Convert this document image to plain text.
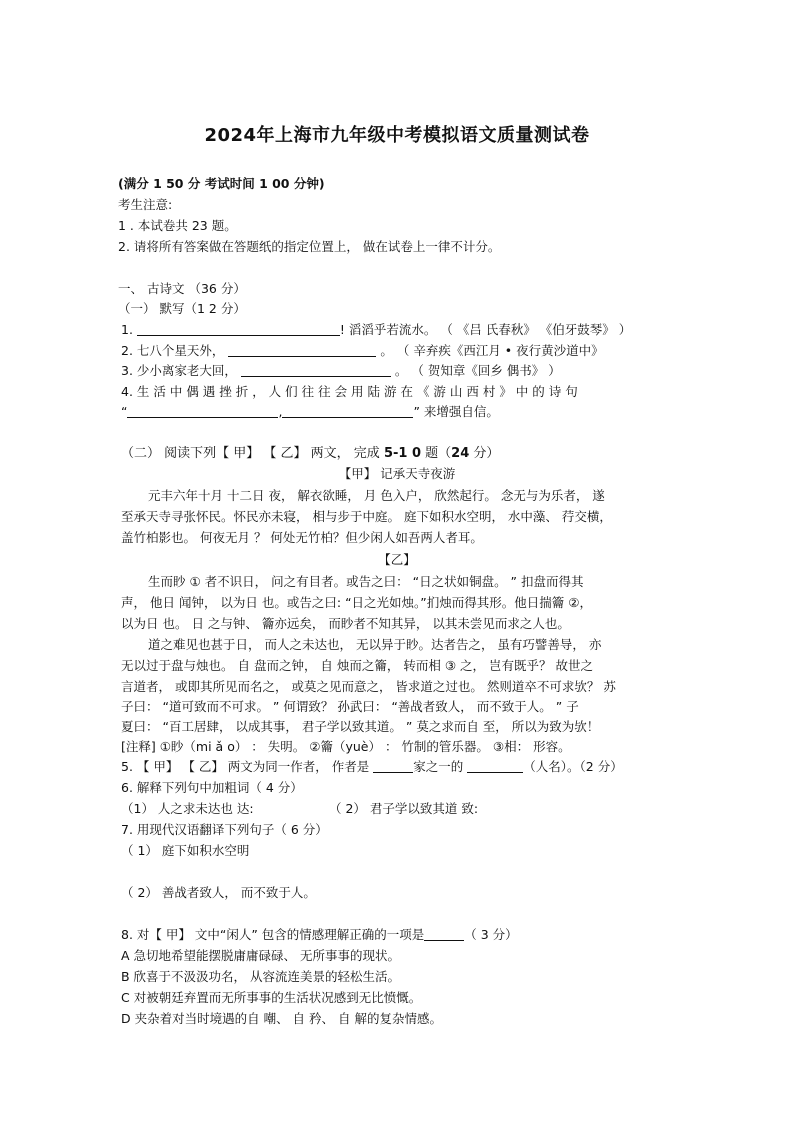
2024年上海市九年级中考模拟语文质量测试卷
(满分 1 50 分 考试时间 1 00 分钟)
考生注意:
1 . 本试卷共 23 题。
2. 请将所有答案做在答题纸的指定位置上， 做在试卷上一律不计分。
一、 古诗文 （36 分）
（一） 默写（1 2 分）
1.	! 滔滔乎若流水。 （ 《吕 氏春秋》 《伯牙鼓琴》 ）
2. 七八个星天外，	。 （ 辛弃疾《西江月 • 夜行黄沙道中》
3. 少小离家老大回，	。 （ 贺知章《回乡 偶书》 ）
4. 生 活 中 偶 遇 挫 折 ， 人 们 往 往 会 用 陆 游 在 《 游 山 西 村 》 中 的 诗 句
“	,	” 来增强自信。
（二） 阅读下列【 甲】 【 乙】 两文， 完成 5-1 0 题（24 分）
【甲】 记承天寺夜游
元丰六年十月 十二日 夜， 解衣欲睡， 月 色入户， 欣然起行。 念无与为乐者， 遂
至承天寺寻张怀民。怀民亦未寝， 相与步于中庭。 庭下如积水空明， 水中藻、 荇交横，
盖竹柏影也。 何夜无月 ？ 何处无竹柏？但少闲人如吾两人者耳。
【乙】
生而眇 ① 者不识日， 问之有目者。或告之曰： “日之状如铜盘。 ” 扣盘而得其
声， 他日 闻钟， 以为日 也。或告之曰: “日之光如烛。”扪烛而得其形。他日揣籥 ②，
以为日 也。 日 之与钟、 籥亦远矣， 而眇者不知其异， 以其未尝见而求之人也。
道之难见也甚于日， 而人之未达也， 无以异于眇。达者告之， 虽有巧譬善导， 亦
无以过于盘与烛也。 自 盘而之钟， 自 烛而之籥， 转而相 ③ 之， 岂有既乎？ 故世之
言道者， 或即其所见而名之， 或莫之见而意之， 皆求道之过也。 然则道卒不可求欤？ 苏
子曰： “道可致而不可求。 ” 何谓致？ 孙武曰： “善战者致人， 而不致于人。 ” 子
夏曰： “百工居肆， 以成其事， 君子学以致其道。 ” 莫之求而自 至， 所以为致为欤！
[注释] ①眇（mi ǎ o） ： 失明。 ②籥（yuè） ： 竹制的管乐器。 ③相： 形容。
5. 【 甲】 【 乙】 两文为同一作者， 作者是	家之一的	（人名）。（2 分）
6. 解释下列句中加粗词（ 4 分）
（1） 人之求未达也 达:	（ 2） 君子学以致其道 致:
7. 用现代汉语翻译下列句子（ 6 分）
（ 1） 庭下如积水空明
（ 2） 善战者致人， 而不致于人。
8. 对【 甲】 文中“闲人” 包含的情感理解正确的一项是	（ 3 分）
A 急切地希望能摆脱庸庸碌碌、 无所事事的现状。
B 欣喜于不汲汲功名， 从容流连美景的轻松生活。
C 对被朝廷弃置而无所事事的生活状况感到无比愤慨。
D 夹杂着对当时境遇的自 嘲、 自 矜、 自 解的复杂情感。
